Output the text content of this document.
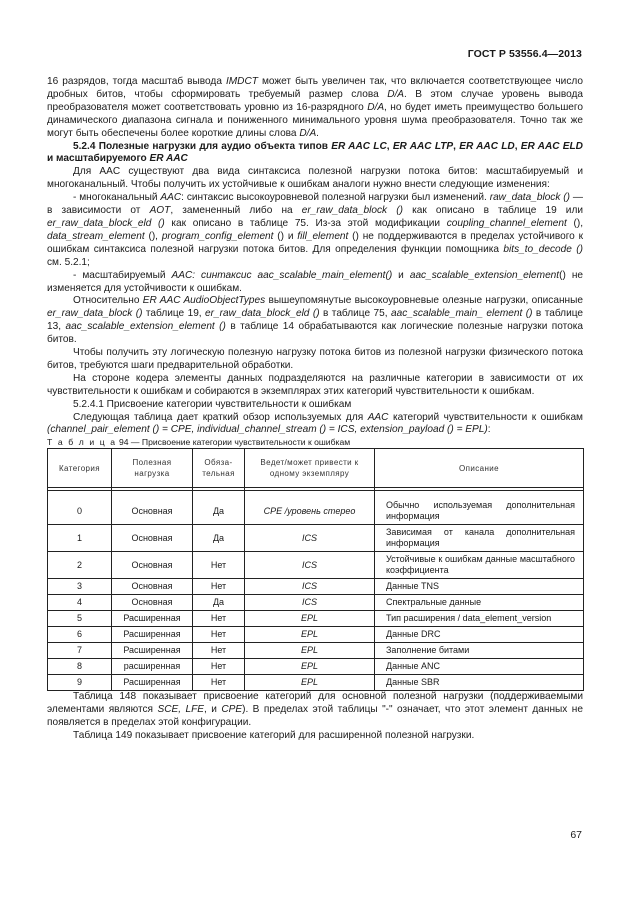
ГОСТ Р 53556.4—2013

16 разрядов, тогда масштаб вывода IMDCT может быть увеличен так, что включается соответствующее число дробных битов, чтобы сформировать требуемый размер слова D/A. В этом случае уровень вывода преобразователя может соответствовать уровню из 16-разрядного D/A, но будет иметь преимущество большего динамического диапазона сигнала и пониженного минимального уровня шума преобразователя. Точно так же могут быть обеспечены более короткие длины слова D/A.

5.2.4 Полезные нагрузки для аудио объекта типов ER AAC LC, ER AAC LTP, ER AAC LD, ER AAC ELD и масштабируемого ER AAC

Для AAC существуют два вида синтаксиса полезной нагрузки потока битов: масштабируемый и многоканальный. Чтобы получить их устойчивые к ошибкам аналоги нужно внести следующие изменения:

- многоканальный AAC: синтаксис высокоуровневой полезной нагрузки был изменений. raw_data_block () — в зависимости от AOT, замененный либо на er_raw_data_block () как описано в таблице 19 или er_raw_data_block_eld () как описано в таблице 75. Из-за этой модификации coupling_channel_element (), data_stream_element (), program_config_element () и fill_element () не поддерживаются в пределах устойчивого к ошибкам синтаксиса полезной нагрузки потока битов. Для определения функции помощника bits_to_decode () см. 5.2.1;

- масштабируемый AAC: синтаксис aac_scalable_main_element() и aac_scalable_extension_element() не изменяется для устойчивости к ошибкам.

Относительно ER AAC AudioObjectTypes вышеупомянутые высокоуровневые олезные нагрузки, описанные er_raw_data_block () таблице 19, er_raw_data_block_eld () в таблице 75, aac_scalable_main_ element () в таблице 13, aac_scalable_extension_element () в таблице 14 обрабатываются как логические полезные нагрузки потока битов.

Чтобы получить эту логическую полезную нагрузку потока битов из полезной нагрузки физического потока битов, требуются шаги предварительной обработки.

На стороне кодера элементы данных подразделяются на различные категории в зависимости от их чувствительности к ошибкам и собираются в экземплярах этих категорий чувствительности к ошибкам.

5.2.4.1 Присвоение категории чувствительности к ошибкам

Следующая таблица дает краткий обзор используемых для AAC категорий чувствительности к ошибкам (channel_pair_element () = CPE, individual_channel_stream () = ICS, extension_payload () = EPL):

Т а б л и ц а 94 — Присвоение категории чувствительности к ошибкам

Категория	Полезная нагрузка	Обяза-тельная	Ведет/может привести к одному экземпляру	Описание

0	Основная	Да	CPE /уровень стерео	Обычно используемая дополнительная информация
1	Основная	Да	ICS	Зависимая от канала дополнительная информация
2	Основная	Нет	ICS	Устойчивые к ошибкам данные масштабного коэффициента
3	Основная	Нет	ICS	Данные TNS
4	Основная	Да	ICS	Спектральные данные
5	Расширенная	Нет	EPL	Тип расширения / data_element_version
6	Расширенная	Нет	EPL	Данные DRC
7	Расширенная	Нет	EPL	Заполнение битами
8	расширенная	Нет	EPL	Данные ANC
9	Расширенная	Нет	EPL	Данные SBR

Таблица 148 показывает присвоение категорий для основной полезной нагрузки (поддерживаемыми элементами являются SCE, LFE, и CPE). В пределах этой таблицы "-" означает, что этот элемент данных не появляется в пределах этой конфигурации.

Таблица 149 показывает присвоение категорий для расширенной полезной нагрузки.

67
